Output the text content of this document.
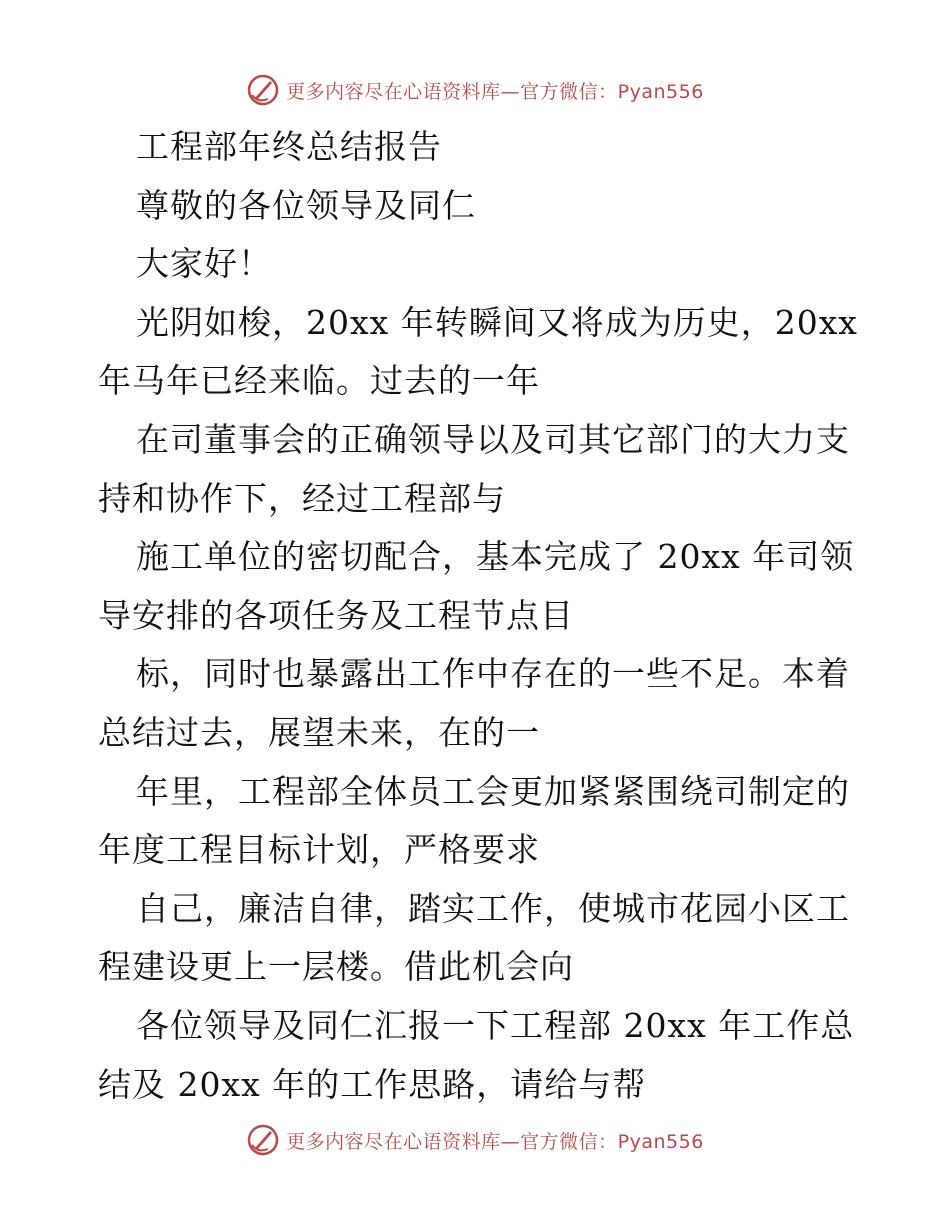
更多内容尽在心语资料库—官方微信：Pyan556
工程部年终总结报告
尊敬的各位领导及同仁
大家好！
光阴如梭，20xx 年转瞬间又将成为历史，20xx
年马年已经来临。过去的一年
在司董事会的正确领导以及司其它部门的大力支
持和协作下，经过工程部与
施工单位的密切配合，基本完成了 20xx 年司领
导安排的各项任务及工程节点目
标，同时也暴露出工作中存在的一些不足。本着
总结过去，展望未来，在的一
年里，工程部全体员工会更加紧紧围绕司制定的
年度工程目标计划，严格要求
自己，廉洁自律，踏实工作，使城市花园小区工
程建设更上一层楼。借此机会向
各位领导及同仁汇报一下工程部 20xx 年工作总
结及 20xx 年的工作思路，请给与帮
更多内容尽在心语资料库—官方微信：Pyan556
